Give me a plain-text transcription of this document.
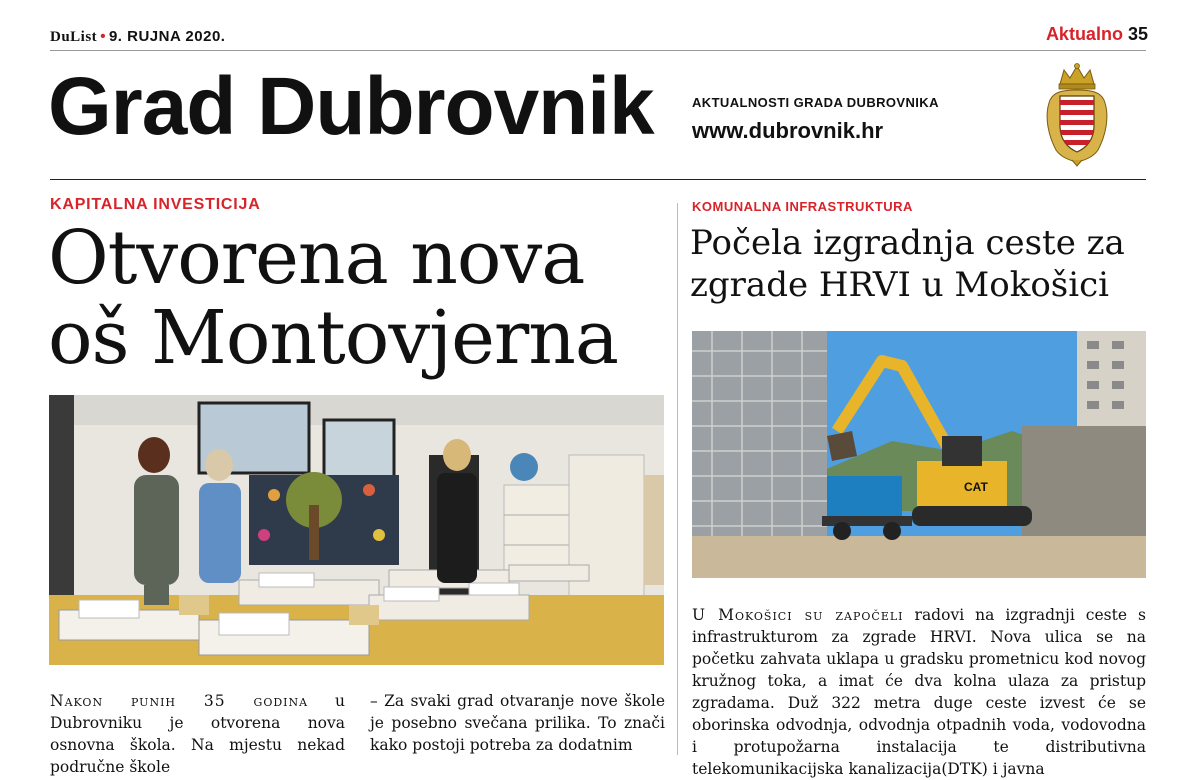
DuList • 9. RUJNA 2020.	Aktualno 35
Grad Dubrovnik	AKTUALNOSTI GRADA DUBROVNIKA
www.dubrovnik.hr
KAPITALNA INVESTICIJA
Otvorena nova
oš Montovjerna
Nakon punih 35 godina u Dubrovniku je otvorena nova osnovna škola. Na mjestu nekad područne škole
– Za svaki grad otvaranje nove škole je posebno svečana prilika. To znači kako postoji potreba za dodatnim
KOMUNALNA INFRASTRUKTURA
Počela izgradnja ceste za
zgrade HRVI u Mokošici
CAT
U Mokošici su započeli radovi na izgradnji ceste s infrastrukturom za zgrade HRVI. Nova ulica se na početku zahvata uklapa u gradsku prometnicu kod novog kružnog toka, a imat će dva kolna ulaza za pristup zgradama. Duž 322 metra duge ceste izvest će se oborinska odvodnja, odvodnja otpadnih voda, vodovodna i protupožarna instalacija te distributivna telekomunikacijska kanalizacija(DTK) i javna
